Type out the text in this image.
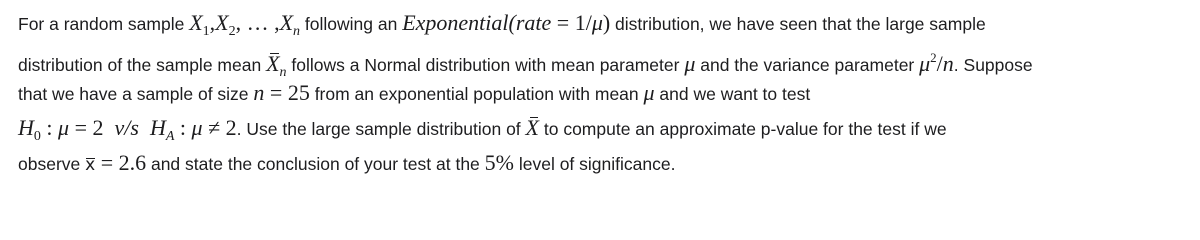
For a random sample $X_1,X_2$, … $,X_n$ following an Exponential(rate = 1/μ) distribution, we have seen that the large sample
distribution of the sample mean $X_n$ follows a Normal distribution with mean parameter μ and the variance parameter $\mu^2/n$. Suppose
that we have a sample of size n = 25 from an exponential population with mean μ and we want to test
$H_0$ : μ = 2  v/s  $H_A$ : μ ≠ 2. Use the large sample distribution of X to compute an approximate p-value for the test if we
observe x = 2.6 and state the conclusion of your test at the 5% level of significance.
